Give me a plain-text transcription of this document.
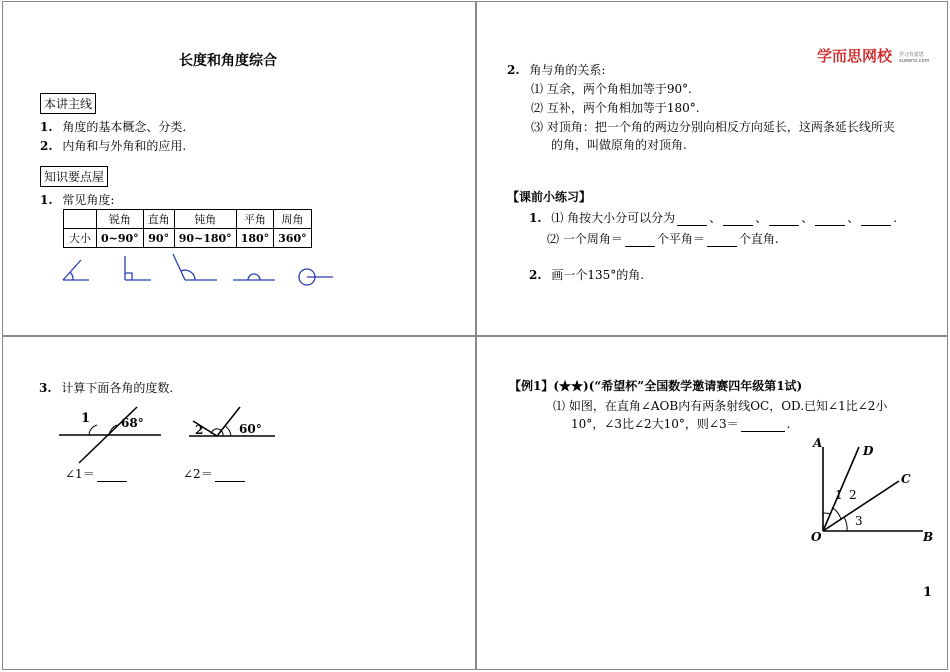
长度和角度综合
本讲主线
1. 角度的基本概念、分类.
2. 内角和与外角和的应用.
知识要点屋
1. 常见角度:
	锐角	直角	钝角	平角	周角
大小	0~90°	90°	90~180°	180°	360°
学而思网校 学习有意思
xueersi.com
2. 角与角的关系:
⑴ 互余，两个角相加等于90°.
⑵ 互补，两个角相加等于180°.
⑶ 对顶角：把一个角的两边分别向相反方向延长，这两条延长线所夹
的角，叫做原角的对顶角.
【课前小练习】
1. ⑴ 角按大小分可以分为	、	、	、	、	.
⑵ 一个周角＝	个平角＝	个直角.
2. 画一个135°的角.
3. 计算下面各角的度数.
1	68°
∠1＝
2	60°
∠2＝
【例1】(★★)(“希望杯”全国数学邀请赛四年级第1试)
⑴ 如图，在直角∠AOB内有两条射线OC，OD.已知∠1比∠2小
10°，∠3比∠2大10°，则∠3＝	.
A
D
C
O	B
1 2
3
1
